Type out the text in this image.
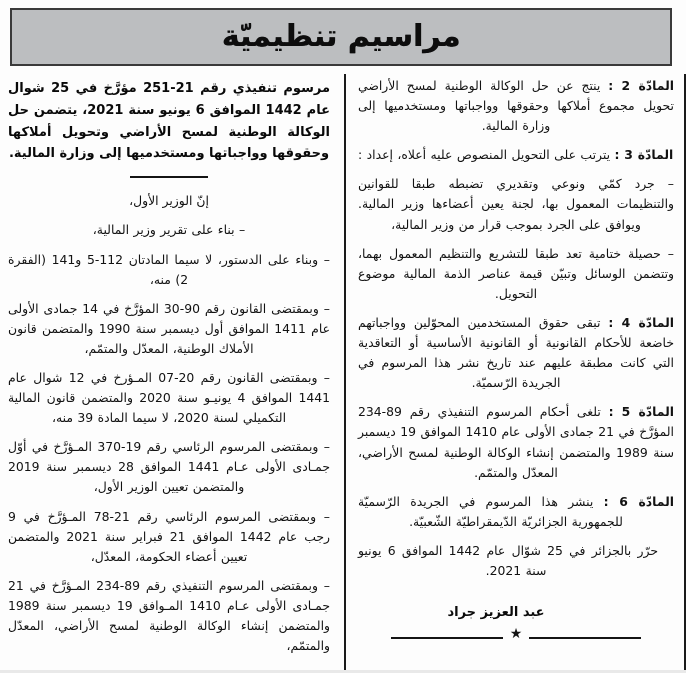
مراسيم تنظيميّة
مرسوم تنفيذي رقم 21-251 مؤرَّخ في 25 شوال عام 1442 الموافق 6 يونيو سنة 2021، يتضمن حل الوكالة الوطنية لمسح الأراضي وتحويل أملاكها وحقوقها وواجباتها ومستخدميها إلى وزارة المالية.
إنّ الوزير الأول،
– بناء على تقرير وزير المالية،
– وبناء على الدستور، لا سيما المادتان 112-5 و141 (الفقرة 2) منه،
– وبمقتضى القانون رقم 90-30 المؤرَّخ في 14 جمادى الأولى عام 1411 الموافق أول ديسمبر سنة 1990 والمتضمن قانون الأملاك الوطنية، المعدّل والمتمّم،
– وبمقتضى القانون رقم 20-07 المـؤرخ في 12 شوال عام 1441 الموافق 4 يونيـو سنة 2020 والمتضمن قانون المالية التكميلي لسنة 2020، لا سيما المادة 39 منه،
– وبمقتضى المرسوم الرئاسي رقم 19-370 المـؤرَّخ في أوّل جمـادى الأولى عـام 1441 الموافق 28 ديسمبر سنة 2019 والمتضمن تعيين الوزير الأول،
– وبمقتضى المرسوم الرئاسي رقم 21-78 المـؤرَّخ في 9 رجب عام 1442 الموافق 21 فبراير سنة 2021 والمتضمن تعيين أعضاء الحكومة، المعدّل،
– وبمقتضى المرسوم التنفيذي رقم 89-234 المـؤرَّخ في 21 جمـادى الأولى عـام 1410 المـوافق 19 ديسمبر سنة 1989 والمتضمن إنشاء الوكالة الوطنية لمسح الأراضي، المعدّل والمتمّم،
المادّة 2 : ينتج عن حل الوكالة الوطنية لمسح الأراضي تحويل مجموع أملاكها وحقوقها وواجباتها ومستخدميها إلى وزارة المالية.
المادّة 3 : يترتب على التحويل المنصوص عليه أعلاه، إعداد :
– جرد كمّي ونوعي وتقديري تضبطه طبقا للقوانين والتنظيمات المعمول بها، لجنة يعين أعضاءها وزير المالية. ويوافق على الجرد بموجب قرار من وزير المالية،
– حصيلة ختامية تعد طبقا للتشريع والتنظيم المعمول بهما، وتتضمن الوسائل وتبيّن قيمة عناصر الذمة المالية موضوع التحويل.
المادّة 4 : تبقى حقوق المستخدمين المحوّلين وواجباتهم خاضعة للأحكام القانونية أو القانونية الأساسية أو التعاقدية التي كانت مطبقة عليهم عند تاريخ نشر هذا المرسوم في الجريدة الرّسميّة.
المادّة 5 : تلغى أحكام المرسوم التنفيذي رقم 89-234 المؤرَّخ في 21 جمادى الأولى عام 1410 الموافق 19 ديسمبر سنة 1989 والمتضمن إنشاء الوكالة الوطنية لمسح الأراضي، المعدّل والمتمّم.
المادّة 6 : ينشر هذا المرسوم في الجريدة الرّسميّة للجمهورية الجزائريّة الدّيمقراطيّة الشّعبيّة.
حرّر بالجزائر في 25 شوّال عام 1442 الموافق 6 يونيو سنة 2021.
عبد العزيز جراد
★
